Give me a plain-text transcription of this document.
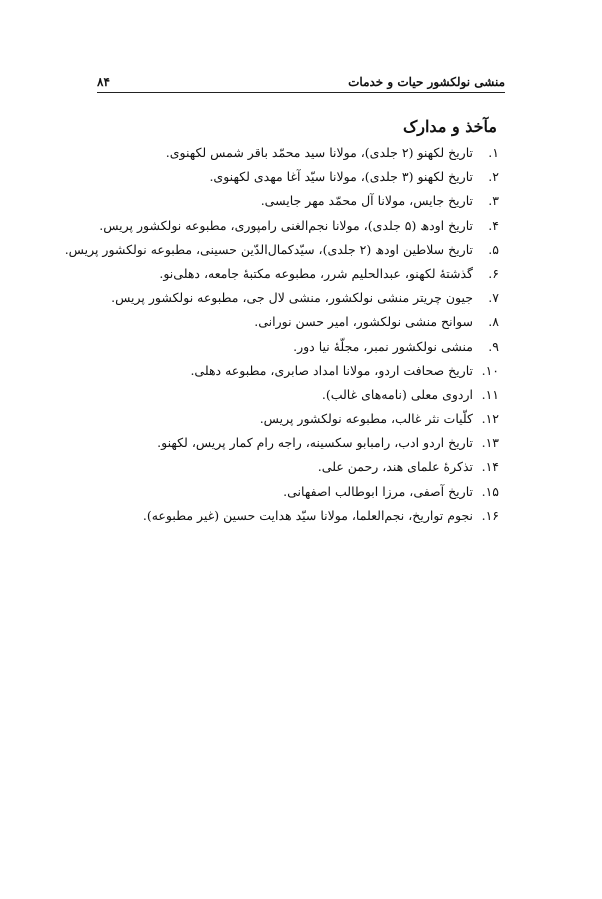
منشی نولکشور حیات و خدمات
۸۴
مآخذ و مدارک
۱.
تاریخ لکھنو (۲ جلدی)، مولانا سید محمّد باقر شمس لکھنوی.
۲.
تاریخ لکھنو (۳ جلدی)، مولانا سیّد آغا مھدی لکھنوی.
۳.
تاریخ جایس، مولانا آل محمّد مھر جایسی.
۴.
تاریخ اودھ (۵ جلدی)، مولانا نجم‌الغنی رامپوری، مطبوعه نولکشور پریس.
۵.
تاریخ سلاطین اودھ (۲ جلدی)، سیّدکمال‌الدّین حسینی، مطبوعه نولکشور پریس.
۶.
گذشتهٔ لکھنو، عبدالحلیم شرر، مطبوعه مکتبهٔ جامعه، دهلی‌نو.
۷.
جیون چریتر منشی نولکشور، منشی لال جی، مطبوعه نولکشور پریس.
۸.
سوانح منشی نولکشور، امیر حسن نورانی.
۹.
منشی نولکشور نمبر، مجلّهٔ نیا دور.
۱۰.
تاریخ صحافت اردو، مولانا امداد صابری، مطبوعه دهلی.
۱۱.
اردوی معلی (نامه‌های غالب).
۱۲.
کلّیات نثر غالب، مطبوعه نولکشور پریس.
۱۳.
تاریخ اردو ادب، رامبابو سکسینه، راجه رام کمار پریس، لکھنو.
۱۴.
تذکرهٔ علمای هند، رحمن علی.
۱۵.
تاریخ آصفی، مرزا ابوطالب اصفهانی.
۱۶.
نجوم تواریخ، نجم‌العلما، مولانا سیّد هدایت حسین (غیر مطبوعه).
